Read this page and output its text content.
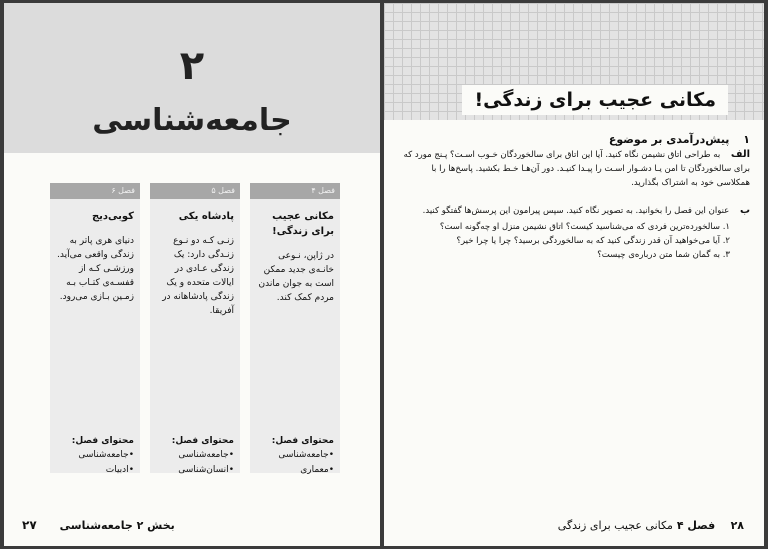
۲
جامعه‌شناسی
فصل ۴
مکانی عجیب برای زندگی!
در ژاپن، نـوعی خانـه‌ی جدید ممکن است به جوان ماندن مردم کمک کند.
محتوای فصل:
• جامعه‌شناسی
• معماری
فصل ۵
پادشاه یکی
زنـی کـه دو نـوع زنـدگی دارد: یک زندگی عـادی در ایالات متحده و یک زندگی پادشاهانه در آفریقا.
محتوای فصل:
• جامعه‌شناسی
• انسان‌شناسی
فصل ۶
کوبی‌دیج
دنیای هری پاتر به زندگی واقعی می‌آید. ورزشـی کـه از قفسـه‌ی کتـاب بـه زمـین بـازی می‌رود.
محتوای فصل:
• جامعه‌شناسی
• ادبیات
بخش ۲ جامعه‌شناسی      ۲۷
مکانی عجیب برای زندگی!
۱ پیش‌درآمدی بر موضوع
الف به طراحی اتاق نشیمن نگاه کنید. آیا این اتاق برای سالخوردگان خـوب اسـت؟ پـنج مورد که برای سالخوردگان تا امن یـا دشـوار اسـت را پیـدا کنیـد. دور آن‌هـا خـط بکشید. پاسخ‌ها را با همکلاسی خود به اشتراک بگذارید.
ب عنوان این فصل را بخوانید. به تصویر نگاه کنید. سپس پیرامون این پرسش‌ها گفتگو کنید.
۱. سالخورده‌ترین فردی که می‌شناسید کیست؟ اتاق نشیمن منزل او چه‌گونه است؟
۲. آیا می‌خواهید آن قدر زندگی کنید که به سالخوردگی برسید؟ چرا یا چرا خیر؟
۳. به گمان شما متن درباره‌ی چیست؟
۲۸    فصل ۴ مکانی عجیب برای زندگی
